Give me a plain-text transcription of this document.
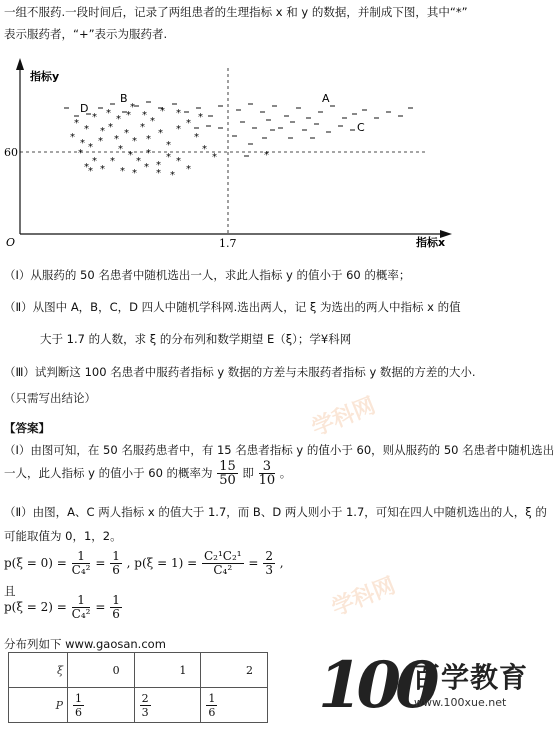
一组不服药.一段时间后，记录了两组患者的生理指标 x 和 y 的数据，并制成下图，其中“*”
表示服药者，“+”表示为服药者.
指标y
60
O	1.7	指标x
D
B	A
C
*
*
*
*
*
* *
*
*
*
*
*
*
*
*
*
*
*
*
*
*
*
*
*
* *
*
*
* * *
*
*
*
* *
* *
*
*
*
*	*
*
*
*
*
*
*
*
（Ⅰ）从服药的 50 名患者中随机选出一人，求此人指标 y 的值小于 60 的概率；
（Ⅱ）从图中 A，B，C，D 四人中随机学科网.选出两人，记 ξ 为选出的两人中指标 x 的值
大于 1.7 的人数，求 ξ 的分布列和数学期望 E（ξ）；学¥科网
（Ⅲ）试判断这 100 名患者中服药者指标 y 数据的方差与未服药者指标 y 数据的方差的大小.
（只需写出结论）
【答案】
（Ⅰ）由图可知，在 50 名服药患者中，有 15 名患者指标 y 的值小于 60，则从服药的 50 名患者中随机选出
一人，此人指标 y 的值小于 60 的概率为 $\frac{15}{50}$ 即 $\frac{3}{10}$ 。
（Ⅱ）由图，A、C 两人指标 x 的值大于 1.7，而 B、D 两人则小于 1.7，可知在四人中随机选出的人，ξ 的
可能取值为 0，1，2。
$p(\xi = 0) = \frac{1}{\text{C₄²}} = \frac{1}{6}$ , $p(\xi = 1) = \frac{\text{C₂¹C₂¹}}{\text{C₄²}} = \frac{2}{3}$ ,
且
$p(\xi = 2) = \frac{1}{\text{C₄²}} = \frac{1}{6}$
分布列如下 www.gaosan.com
ξ	0	1	2
P	$\frac{1}{6}$	$\frac{2}{3}$	$\frac{1}{6}$
学科网
学科网
100
百学教育
www.100xue.net
